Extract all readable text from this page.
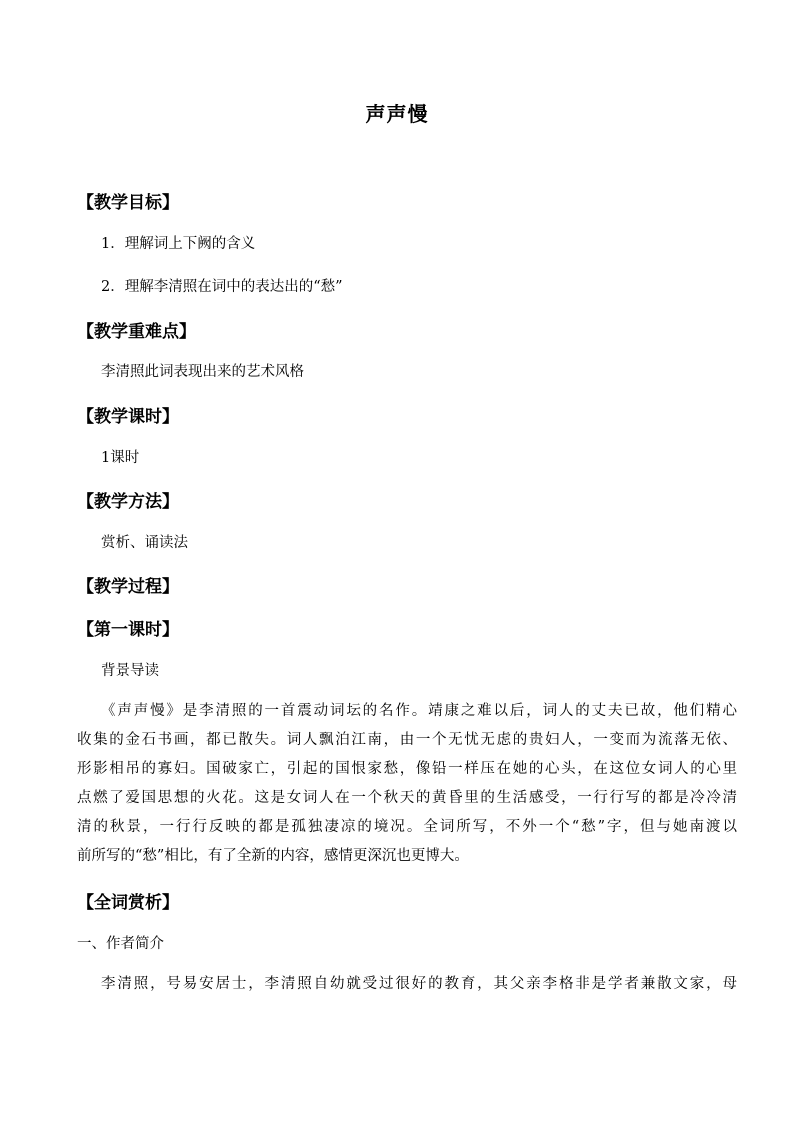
声声慢
【教学目标】
1．理解词上下阙的含义
2．理解李清照在词中的表达出的“愁”
【教学重难点】
李清照此词表现出来的艺术风格
【教学课时】
1课时
【教学方法】
赏析、诵读法
【教学过程】
【第一课时】
背景导读
《声声慢》是李清照的一首震动词坛的名作。靖康之难以后，词人的丈夫已故，他们精心
收集的金石书画，都已散失。词人飘泊江南，由一个无忧无虑的贵妇人，一变而为流落无依、
形影相吊的寡妇。国破家亡，引起的国恨家愁，像铅一样压在她的心头，在这位女词人的心里
点燃了爱国思想的火花。这是女词人在一个秋天的黄昏里的生活感受，一行行写的都是冷冷清
清的秋景，一行行反映的都是孤独凄凉的境况。全词所写，不外一个“愁”字，但与她南渡以
前所写的“愁”相比，有了全新的内容，感情更深沉也更博大。
【全词赏析】
一、作者简介
李清照，号易安居士，李清照自幼就受过很好的教育，其父亲李格非是学者兼散文家，母
